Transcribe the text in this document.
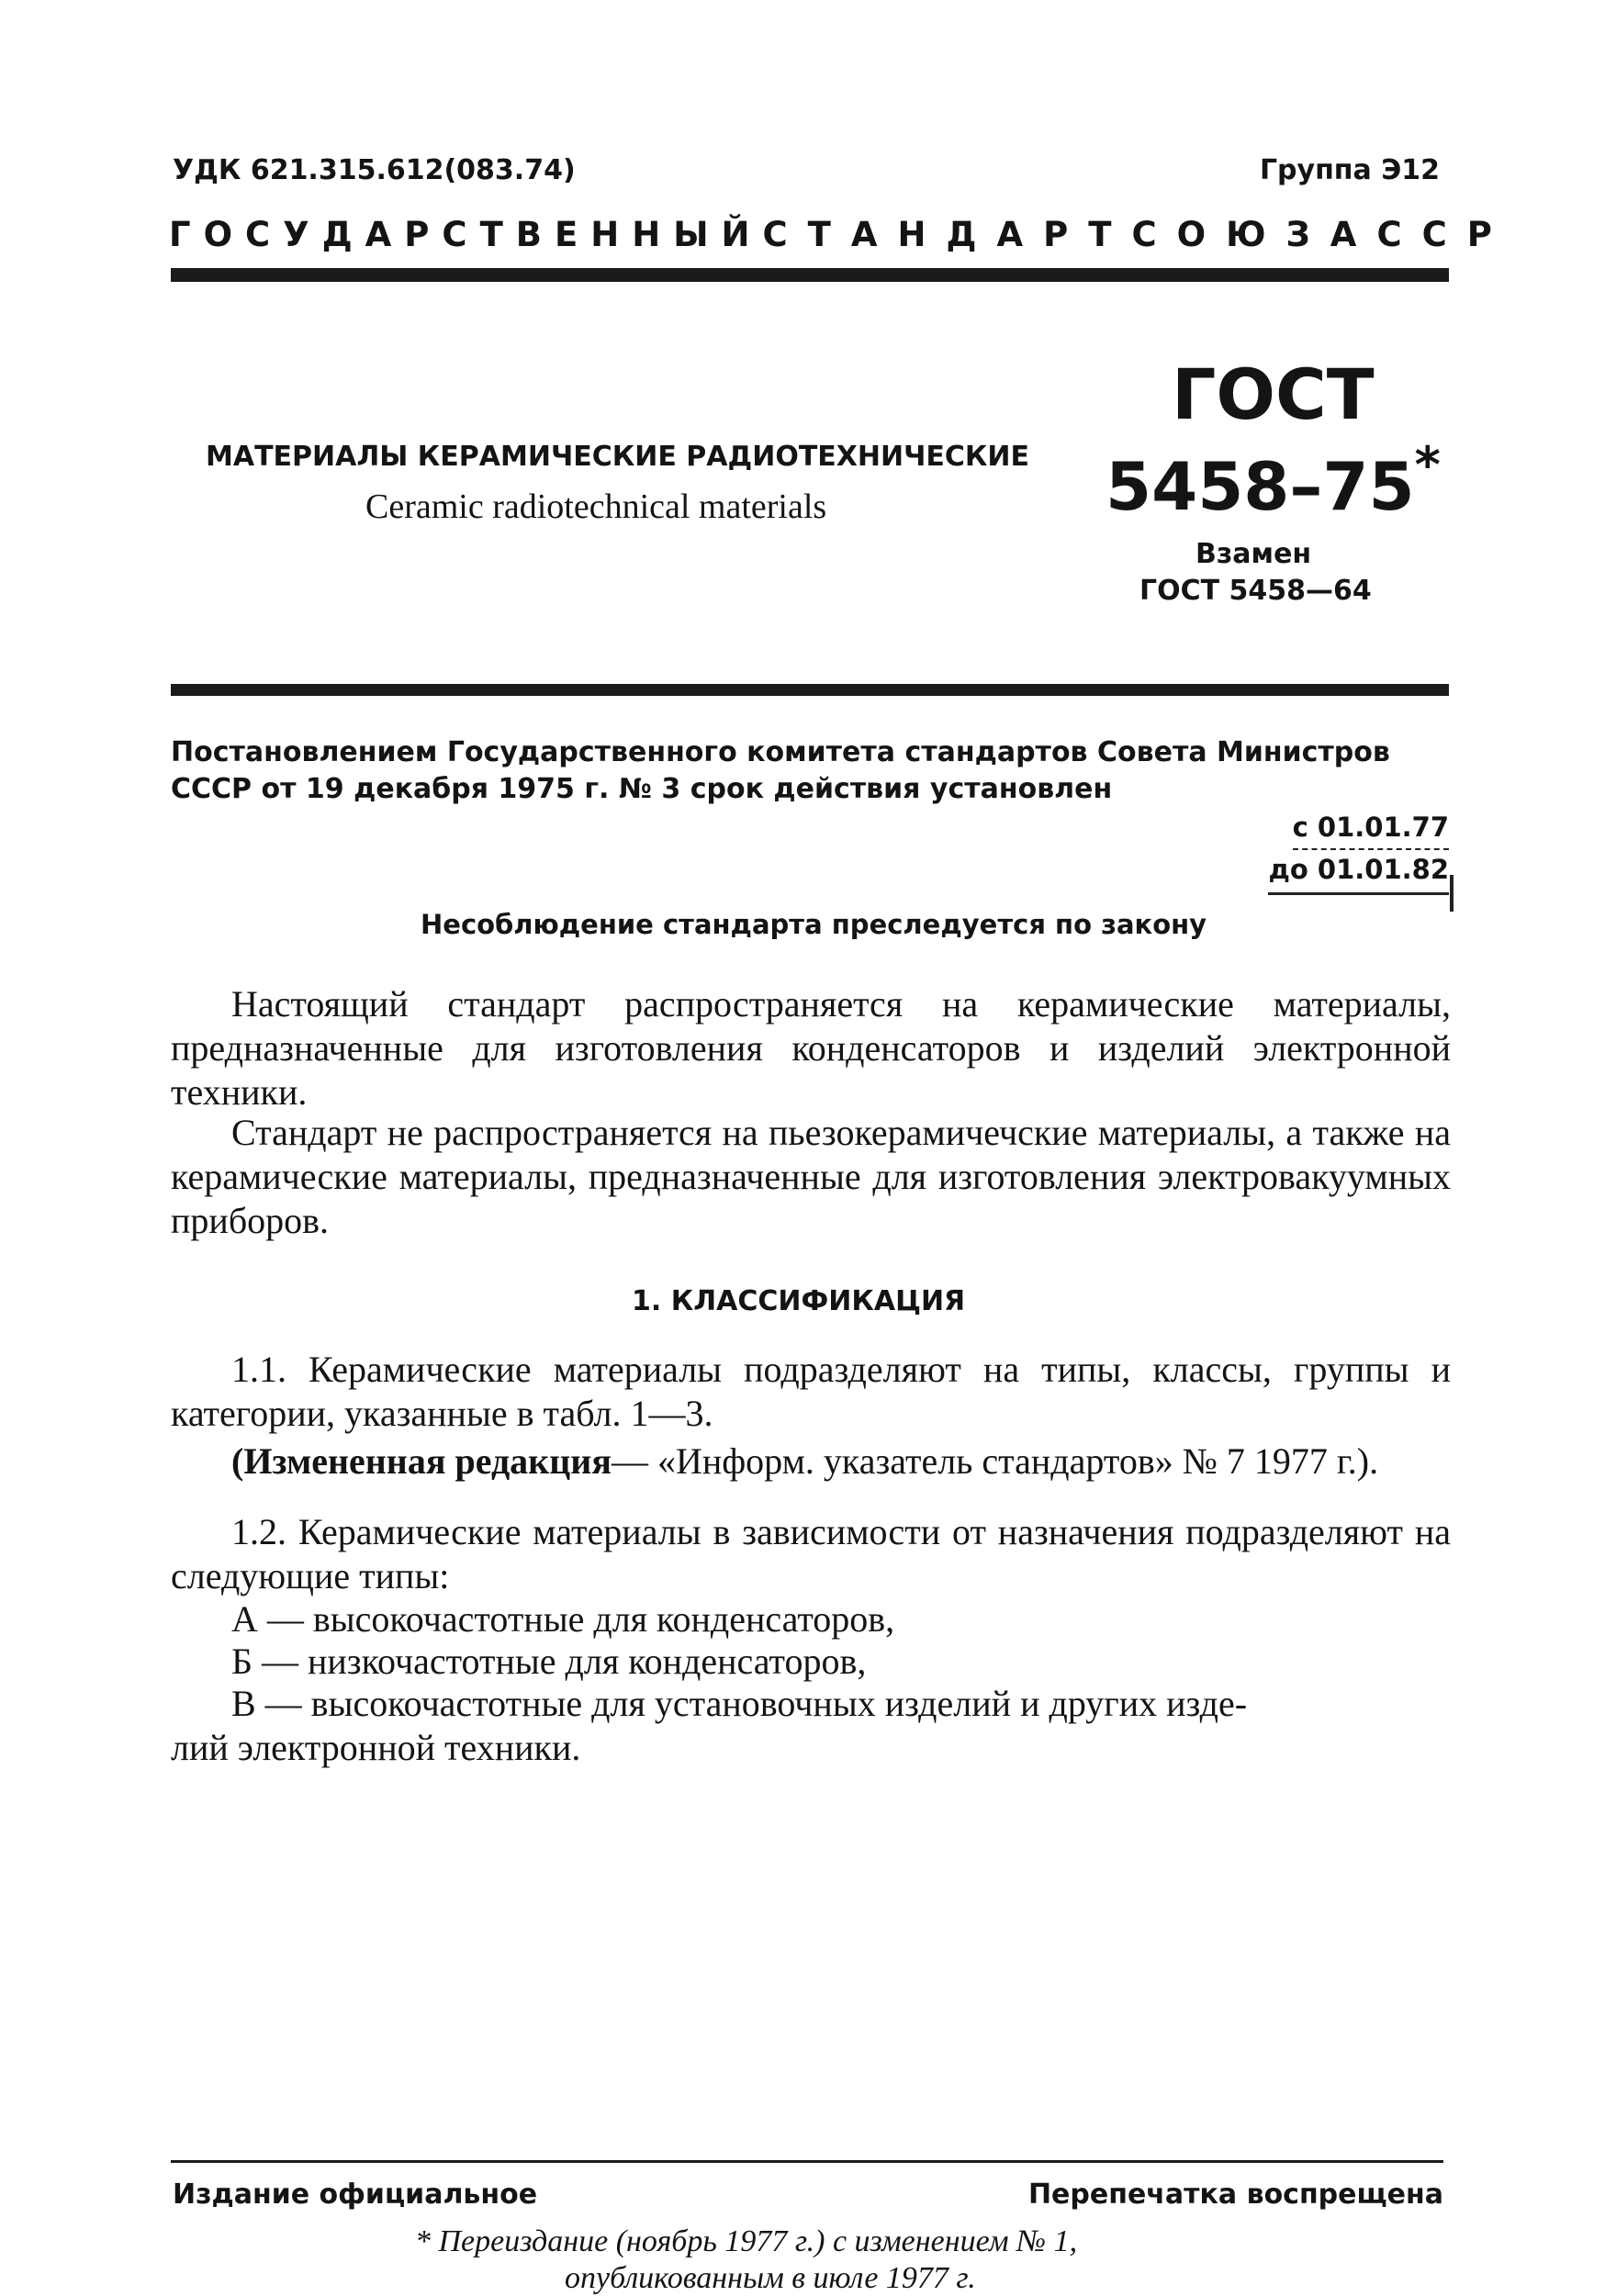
УДК 621.315.612(083.74)	Группа Э12
ГОСУДАРСТВЕННЫЙ СТАНДАРТ СОЮЗА ССР
ГОСТ
5458–75*
МАТЕРИАЛЫ КЕРАМИЧЕСКИЕ РАДИОТЕХНИЧЕСКИЕ
Ceramic radiotechnical materials
Взамен
ГОСТ 5458—64
Постановлением Государственного комитета стандартов Совета Министров СССР от 19 декабря 1975 г. № 3 срок действия установлен
с 01.01.77
до 01.01.82
Несоблюдение стандарта преследуется по закону
Настоящий стандарт распространяется на керамические материалы, предназначенные для изготовления конденсаторов и изделий электронной техники.
Стандарт не распространяется на пьезокерамичечские материалы, а также на керамические материалы, предназначенные для изготовления электровакуумных приборов.
1. КЛАССИФИКАЦИЯ
1.1. Керамические материалы подразделяют на типы, классы, группы и категории, указанные в табл. 1—3.
(Измененная редакция— «Информ. указатель стандартов» № 7 1977 г.).
1.2. Керамические материалы в зависимости от назначения подразделяют на следующие типы:
А — высокочастотные для конденсаторов,
Б — низкочастотные для конденсаторов,
В — высокочастотные для установочных изделий и других изде-
лий электронной техники.
Издание официальное	Перепечатка воспрещена
* Переиздание (ноябрь 1977 г.) с изменением № 1,
опубликованным в июле 1977 г.
